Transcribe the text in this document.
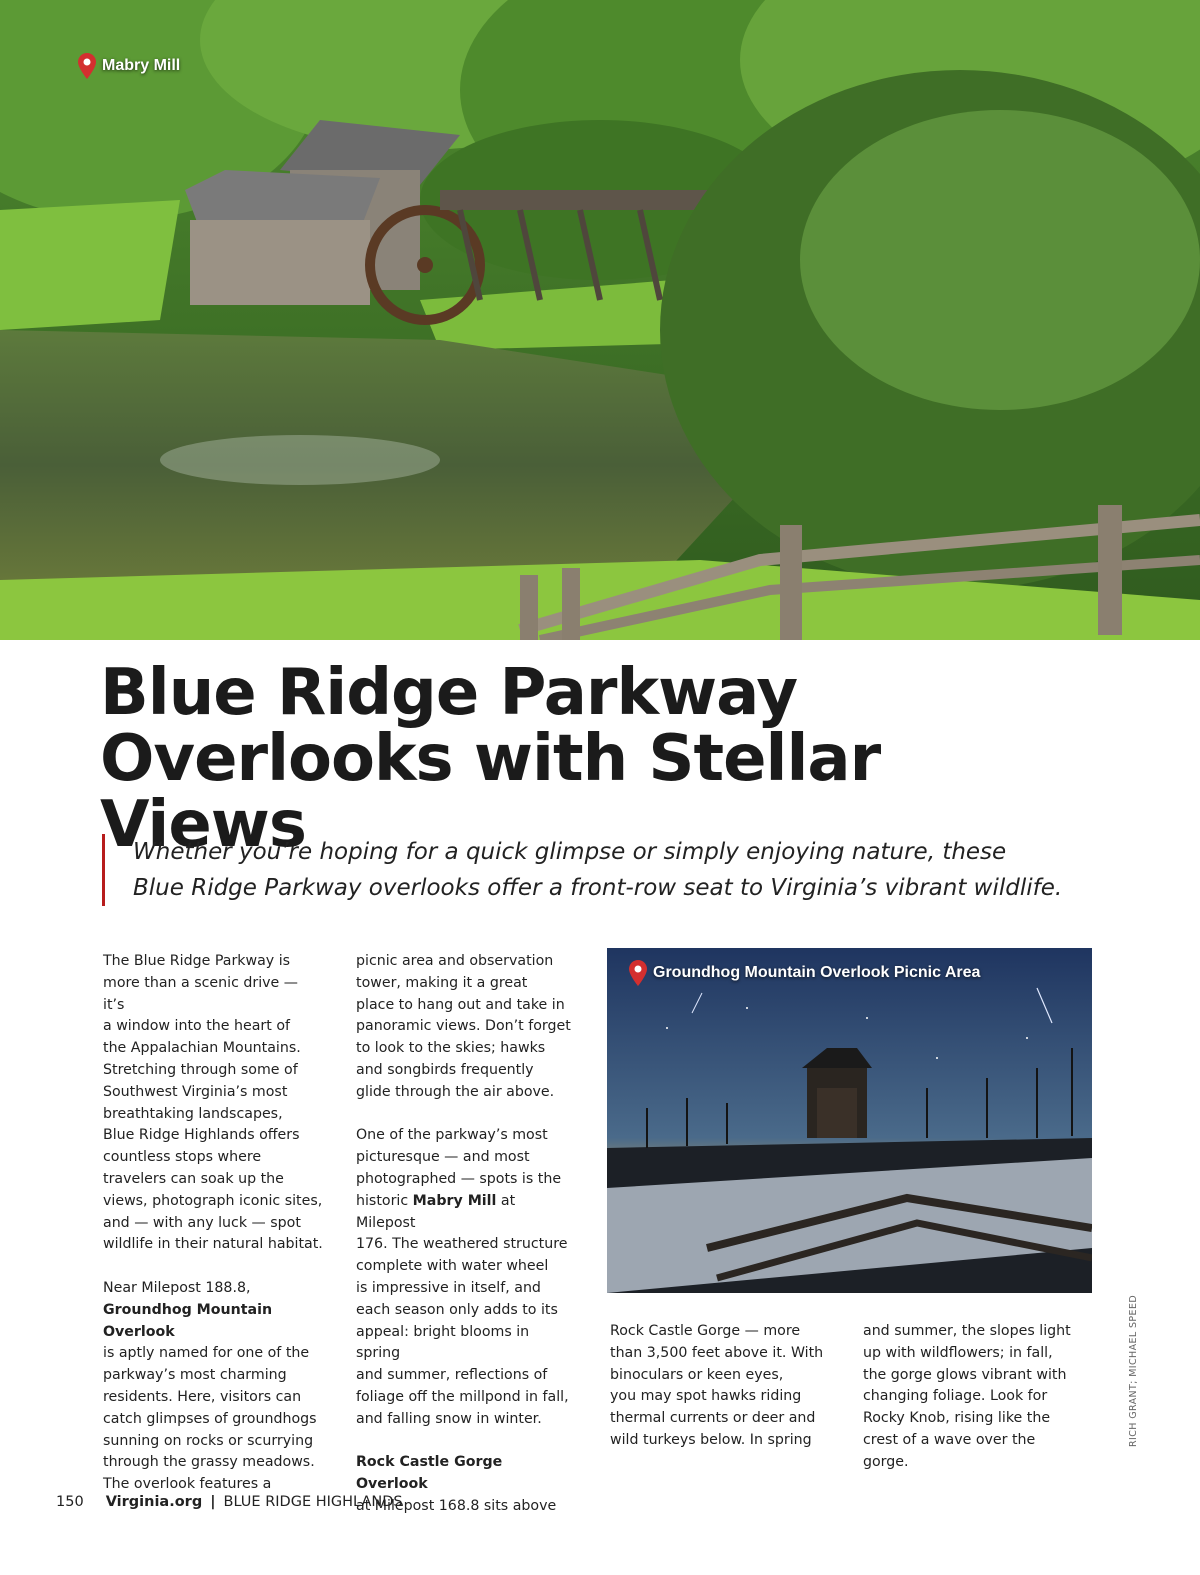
Mabry Mill
Blue Ridge Parkway
Overlooks with Stellar Views
Whether you’re hoping for a quick glimpse or simply enjoying nature, these
Blue Ridge Parkway overlooks offer a front-row seat to Virginia’s vibrant wildlife.

The Blue Ridge Parkway is
more than a scenic drive — it’s
a window into the heart of
the Appalachian Mountains.
Stretching through some of
Southwest Virginia’s most
breathtaking landscapes,
Blue Ridge Highlands offers
countless stops where
travelers can soak up the
views, photograph iconic sites,
and — with any luck — spot
wildlife in their natural habitat.

Near Milepost 188.8,
Groundhog Mountain Overlook
is aptly named for one of the
parkway’s most charming
residents. Here, visitors can
catch glimpses of groundhogs
sunning on rocks or scurrying
through the grassy meadows.
The overlook features a

picnic area and observation
tower, making it a great
place to hang out and take in
panoramic views. Don’t forget
to look to the skies; hawks
and songbirds frequently
glide through the air above.

One of the parkway’s most
picturesque — and most
photographed — spots is the
historic Mabry Mill at Milepost
176. The weathered structure
complete with water wheel
is impressive in itself, and
each season only adds to its
appeal: bright blooms in spring
and summer, reflections of
foliage off the millpond in fall,
and falling snow in winter.

Rock Castle Gorge Overlook
at Milepost 168.8 sits above

Groundhog Mountain Overlook Picnic Area

Rock Castle Gorge — more
than 3,500 feet above it. With
binoculars or keen eyes,
you may spot hawks riding
thermal currents or deer and
wild turkeys below. In spring

and summer, the slopes light
up with wildflowers; in fall,
the gorge glows vibrant with
changing foliage. Look for
Rocky Knob, rising like the
crest of a wave over the gorge.

RICH GRANT; MICHAEL SPEED
150 Virginia.org | BLUE RIDGE HIGHLANDS
